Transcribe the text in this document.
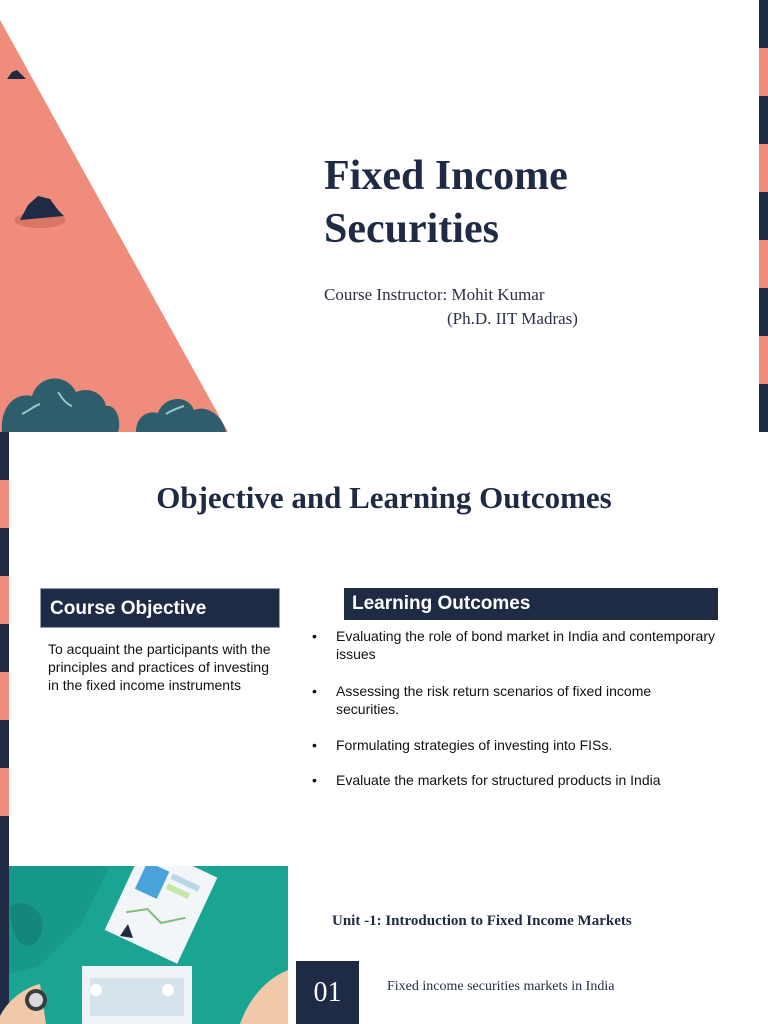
Fixed Income
Securities
Course Instructor: Mohit Kumar
(Ph.D. IIT Madras)
Objective and Learning Outcomes
Course Objective
To acquaint the participants with the principles and practices of investing in the fixed income instruments
Learning Outcomes
• Evaluating the role of bond market in India and contemporary issues
• Assessing the risk return scenarios of fixed income securities.
• Formulating strategies of investing into FISs.
• Evaluate the markets for structured products in India
Unit -1: Introduction to Fixed Income Markets
01	Fixed income securities markets in India
